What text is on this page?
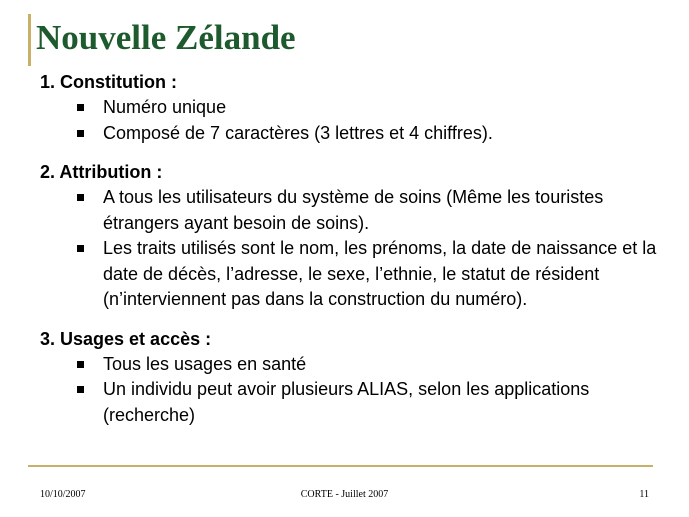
Nouvelle Zélande
1. Constitution :
Numéro unique
Composé de 7 caractères (3 lettres et 4 chiffres).
2. Attribution :
A tous les utilisateurs du système de soins (Même les touristes étrangers ayant besoin de soins).
Les traits utilisés sont le nom, les prénoms, la date de naissance et la date de décès, l’adresse, le sexe, l’ethnie, le statut de résident (n’interviennent pas dans la construction du numéro).
3. Usages et accès :
Tous les usages en santé
Un individu peut avoir plusieurs ALIAS, selon les applications (recherche)
10/10/2007	CORTE - Juillet 2007	11
